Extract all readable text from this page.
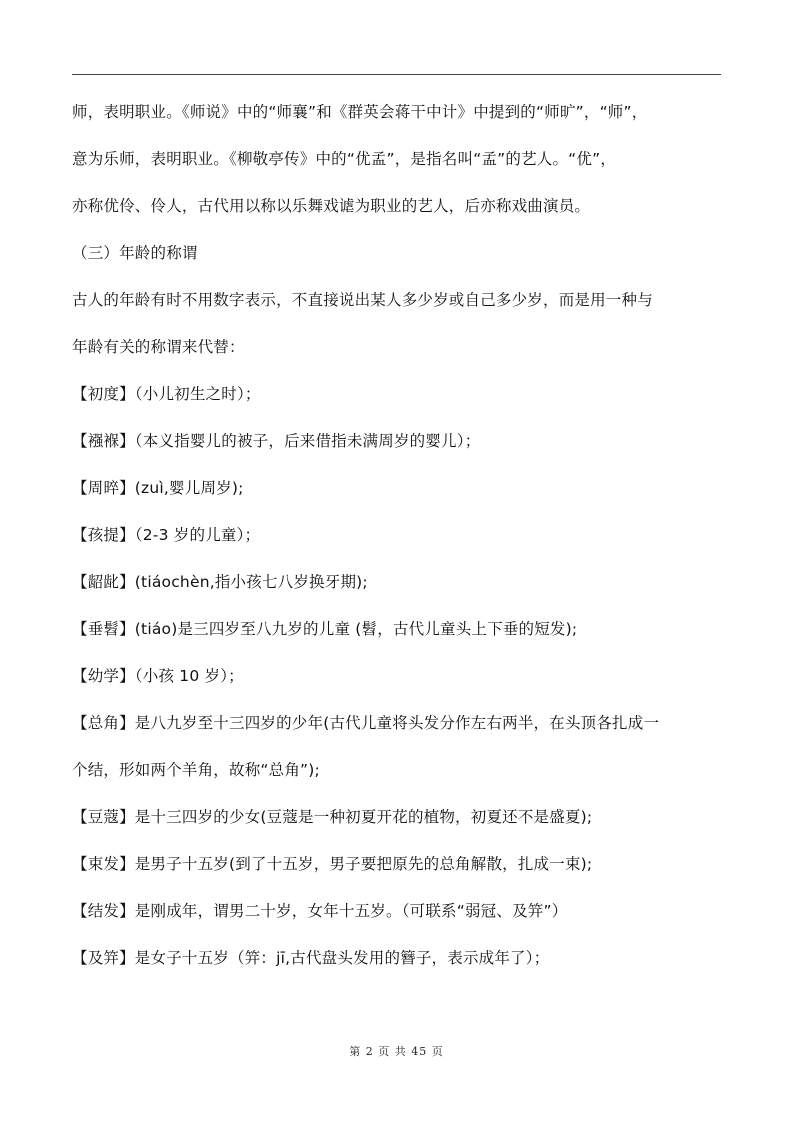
师，表明职业。《师说》中的“师襄”和《群英会蒋干中计》中提到的“师旷”，“师”，
意为乐师，表明职业。《柳敬亭传》中的“优孟”，是指名叫“孟”的艺人。“优”，
亦称优伶、伶人，古代用以称以乐舞戏谑为职业的艺人，后亦称戏曲演员。
（三）年龄的称谓
古人的年龄有时不用数字表示，不直接说出某人多少岁或自己多少岁，而是用一种与
年龄有关的称谓来代替：
【初度】（小儿初生之时）；
【襁褓】（本义指婴儿的被子，后来借指未满周岁的婴儿）；
【周晬】(zuì,婴儿周岁);
【孩提】（2-3 岁的儿童）；
【龆龀】(tiáochèn,指小孩七八岁换牙期);
【垂髫】(tiáo)是三四岁至八九岁的儿童 (髫，古代儿童头上下垂的短发);
【幼学】（小孩 10 岁）；
【总角】是八九岁至十三四岁的少年(古代儿童将头发分作左右两半，在头顶各扎成一
个结，形如两个羊角，故称“总角”);
【豆蔻】是十三四岁的少女(豆蔻是一种初夏开花的植物，初夏还不是盛夏);
【束发】是男子十五岁(到了十五岁，男子要把原先的总角解散，扎成一束);
【结发】是刚成年，谓男二十岁，女年十五岁。（可联系“弱冠、及笄”）
【及笄】是女子十五岁（笄：jī,古代盘头发用的簪子，表示成年了）；
第 2 页 共 45 页
